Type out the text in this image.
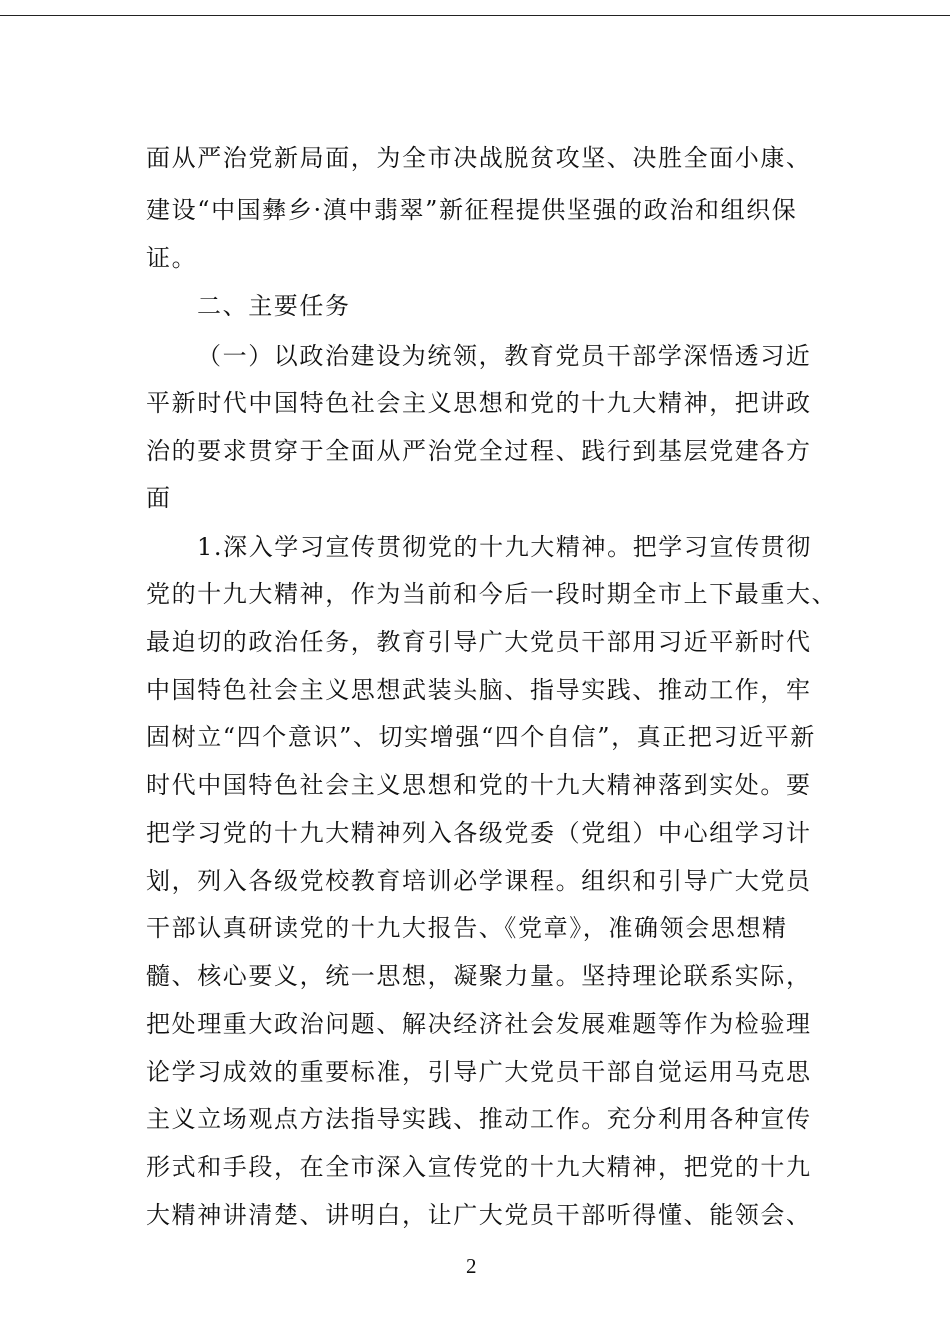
面从严治党新局面，为全市决战脱贫攻坚、决胜全面小康、
建设“中国彝乡·滇中翡翠”新征程提供坚强的政治和组织保
证。
二、主要任务
（一）以政治建设为统领，教育党员干部学深悟透习近
平新时代中国特色社会主义思想和党的十九大精神，把讲政
治的要求贯穿于全面从严治党全过程、践行到基层党建各方
面
1.深入学习宣传贯彻党的十九大精神。把学习宣传贯彻
党的十九大精神，作为当前和今后一段时期全市上下最重大、
最迫切的政治任务，教育引导广大党员干部用习近平新时代
中国特色社会主义思想武装头脑、指导实践、推动工作，牢
固树立“四个意识”、切实增强“四个自信”，真正把习近平新
时代中国特色社会主义思想和党的十九大精神落到实处。要
把学习党的十九大精神列入各级党委（党组）中心组学习计
划，列入各级党校教育培训必学课程。组织和引导广大党员
干部认真研读党的十九大报告、《党章》，准确领会思想精
髓、核心要义，统一思想，凝聚力量。坚持理论联系实际，
把处理重大政治问题、解决经济社会发展难题等作为检验理
论学习成效的重要标准，引导广大党员干部自觉运用马克思
主义立场观点方法指导实践、推动工作。充分利用各种宣传
形式和手段，在全市深入宣传党的十九大精神，把党的十九
大精神讲清楚、讲明白，让广大党员干部听得懂、能领会、
2
